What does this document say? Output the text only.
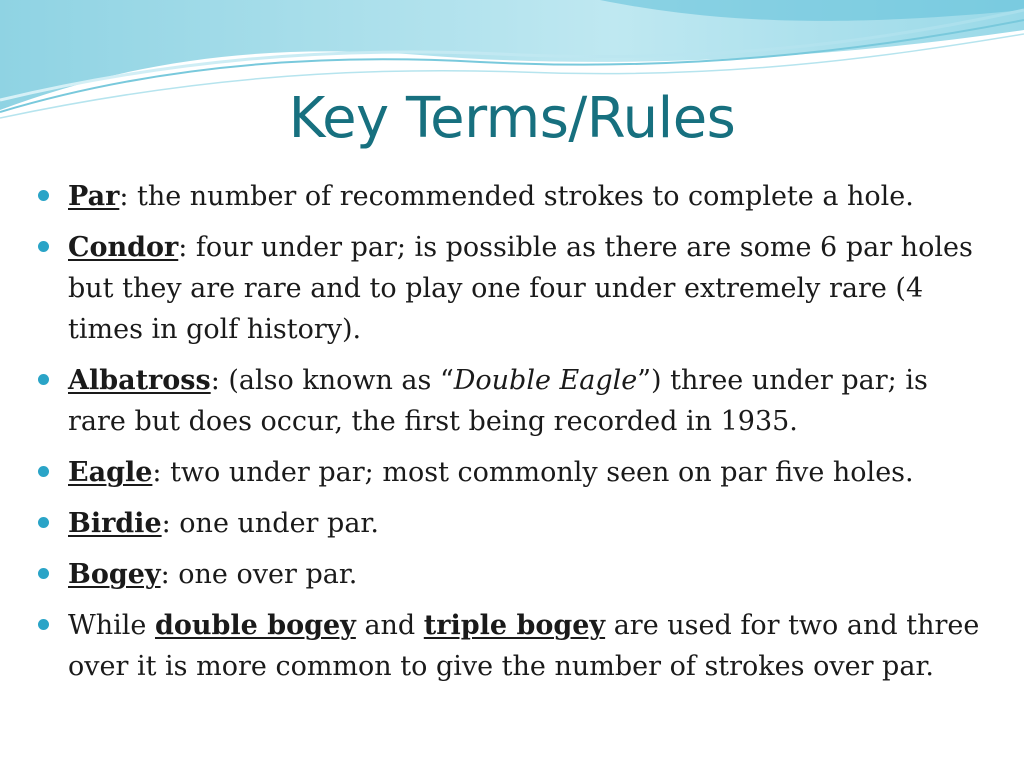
Key Terms/Rules
Par: the number of recommended strokes to complete a hole.
Condor: four under par; is possible as there are some 6 par holes but they are rare and to play one four under extremely rare (4 times in golf history).
Albatross: (also known as “Double Eagle”) three under par; is rare but does occur, the first being recorded in 1935.
Eagle: two under par; most commonly seen on par five holes.
Birdie: one under par.
Bogey: one over par.
While double bogey and triple bogey are used for two and three over it is more common to give the number of strokes over par.
